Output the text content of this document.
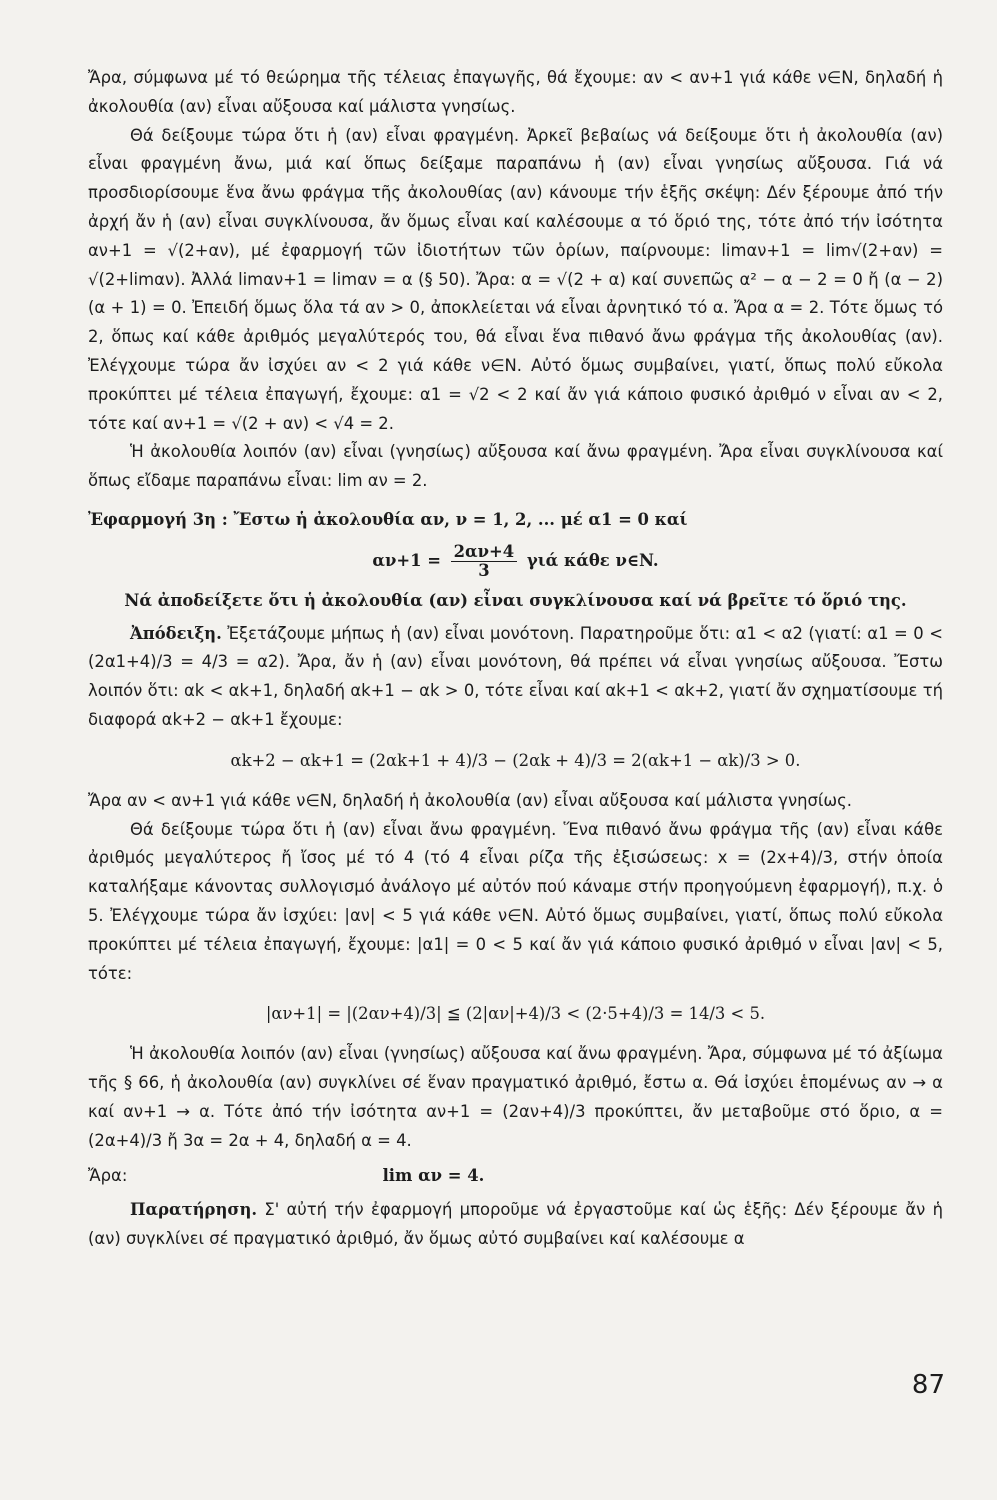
Ἄρα, σύμφωνα μέ τό θεώρημα τῆς τέλειας ἐπαγωγῆς, θά ἔχουμε: αν < αν+1 γιά κάθε ν∈N, δηλαδή ἡ ἀκολουθία (αν) εἶναι αὔξουσα καί μάλιστα γνησίως.

Θά δείξουμε τώρα ὅτι ἡ (αν) εἶναι φραγμένη. Ἀρκεῖ βεβαίως νά δείξουμε ὅτι ἡ ἀκολουθία (αν) εἶναι φραγμένη ἄνω, μιά καί ὅπως δείξαμε παραπάνω ἡ (αν) εἶναι γνησίως αὔξουσα. Γιά νά προσδιορίσουμε ἕνα ἄνω φράγμα τῆς ἀκολουθίας (αν) κάνουμε τήν ἑξῆς σκέψη: Δέν ξέρουμε ἀπό τήν ἀρχή ἄν ἡ (αν) εἶναι συγκλίνουσα, ἄν ὅμως εἶναι καί καλέσουμε α τό ὅριό της, τότε ἀπό τήν ἰσότητα αν+1 = √(2+αν), μέ ἐφαρμογή τῶν ἰδιοτήτων τῶν ὁρίων, παίρνουμε: limαν+1 = lim√(2+αν) = √(2+limαν). Ἀλλά limαν+1 = limαν = α (§ 50). Ἄρα: α = √(2 + α) καί συνεπῶς α² − α − 2 = 0 ἤ (α − 2)(α + 1) = 0. Ἐπειδή ὅμως ὅλα τά αν > 0, ἀποκλείεται νά εἶναι ἀρνητικό τό α. Ἄρα α = 2. Τότε ὅμως τό 2, ὅπως καί κάθε ἀριθμός μεγαλύτερός του, θά εἶναι ἕνα πιθανό ἄνω φράγμα τῆς ἀκολουθίας (αν). Ἐλέγχουμε τώρα ἄν ἰσχύει αν < 2 γιά κάθε ν∈N. Αὐτό ὅμως συμβαίνει, γιατί, ὅπως πολύ εὔκολα προκύπτει μέ τέλεια ἐπαγωγή, ἔχουμε: α1 = √2 < 2 καί ἄν γιά κάποιο φυσικό ἀριθμό ν εἶναι αν < 2, τότε καί αν+1 = √(2 + αν) < √4 = 2.

Ἡ ἀκολουθία λοιπόν (αν) εἶναι (γνησίως) αὔξουσα καί ἄνω φραγμένη. Ἄρα εἶναι συγκλίνουσα καί ὅπως εἴδαμε παραπάνω εἶναι: lim αν = 2.

Ἐφαρμογή 3η : Ἔστω ἡ ἀκολουθία αν, ν = 1, 2, ... μέ α1 = 0 καί

$\alpha\nu+1 = \frac{2\alpha\nu+4}{3}$ γιά κάθε ν∈N.

Νά ἀποδείξετε ὅτι ἡ ἀκολουθία (αν) εἶναι συγκλίνουσα καί νά βρεῖτε τό ὅριό της.

Ἀπόδειξη. Ἐξετάζουμε μήπως ἡ (αν) εἶναι μονότονη. Παρατηροῦμε ὅτι: α1 < α2 (γιατί: α1 = 0 < (2α1+4)/3 = 4/3 = α2). Ἄρα, ἄν ἡ (αν) εἶναι μονότονη, θά πρέπει νά εἶναι γνησίως αὔξουσα. Ἔστω λοιπόν ὅτι: αk < αk+1, δηλαδή αk+1 − αk > 0, τότε εἶναι καί αk+1 < αk+2, γιατί ἄν σχηματίσουμε τή διαφορά αk+2 − αk+1 ἔχουμε:

αk+2 − αk+1 = (2αk+1 + 4)/3 − (2αk + 4)/3 = 2(αk+1 − αk)/3 > 0.

Ἄρα αν < αν+1 γιά κάθε ν∈N, δηλαδή ἡ ἀκολουθία (αν) εἶναι αὔξουσα καί μάλιστα γνησίως.

Θά δείξουμε τώρα ὅτι ἡ (αν) εἶναι ἄνω φραγμένη. Ἕνα πιθανό ἄνω φράγμα τῆς (αν) εἶναι κάθε ἀριθμός μεγαλύτερος ἤ ἴσος μέ τό 4 (τό 4 εἶναι ρίζα τῆς ἐξισώσεως: x = (2x+4)/3, στήν ὁποία καταλήξαμε κάνοντας συλλογισμό ἀνάλογο μέ αὐτόν πού κάναμε στήν προηγούμενη ἐφαρμογή), π.χ. ὁ 5. Ἐλέγχουμε τώρα ἄν ἰσχύει: |αν| < 5 γιά κάθε ν∈N. Αὐτό ὅμως συμβαίνει, γιατί, ὅπως πολύ εὔκολα προκύπτει μέ τέλεια ἐπαγωγή, ἔχουμε: |α1| = 0 < 5 καί ἄν γιά κάποιο φυσικό ἀριθμό ν εἶναι |αν| < 5, τότε:

|αν+1| = |(2αν+4)/3| ≦ (2|αν|+4)/3 < (2·5+4)/3 = 14/3 < 5.

Ἡ ἀκολουθία λοιπόν (αν) εἶναι (γνησίως) αὔξουσα καί ἄνω φραγμένη. Ἄρα, σύμφωνα μέ τό ἀξίωμα τῆς § 66, ἡ ἀκολουθία (αν) συγκλίνει σέ ἕναν πραγματικό ἀριθμό, ἔστω α. Θά ἰσχύει ἑπομένως αν → α καί αν+1 → α. Τότε ἀπό τήν ἰσότητα αν+1 = (2αν+4)/3 προκύπτει, ἄν μεταβοῦμε στό ὅριο, α = (2α+4)/3 ἤ 3α = 2α + 4, δηλαδή α = 4.

Ἄρα:	lim αν = 4.

Παρατήρηση. Σ' αὐτή τήν ἐφαρμογή μποροῦμε νά ἐργαστοῦμε καί ὡς ἑξῆς: Δέν ξέρουμε ἄν ἡ (αν) συγκλίνει σέ πραγματικό ἀριθμό, ἄν ὅμως αὐτό συμβαίνει καί καλέσουμε α

87
